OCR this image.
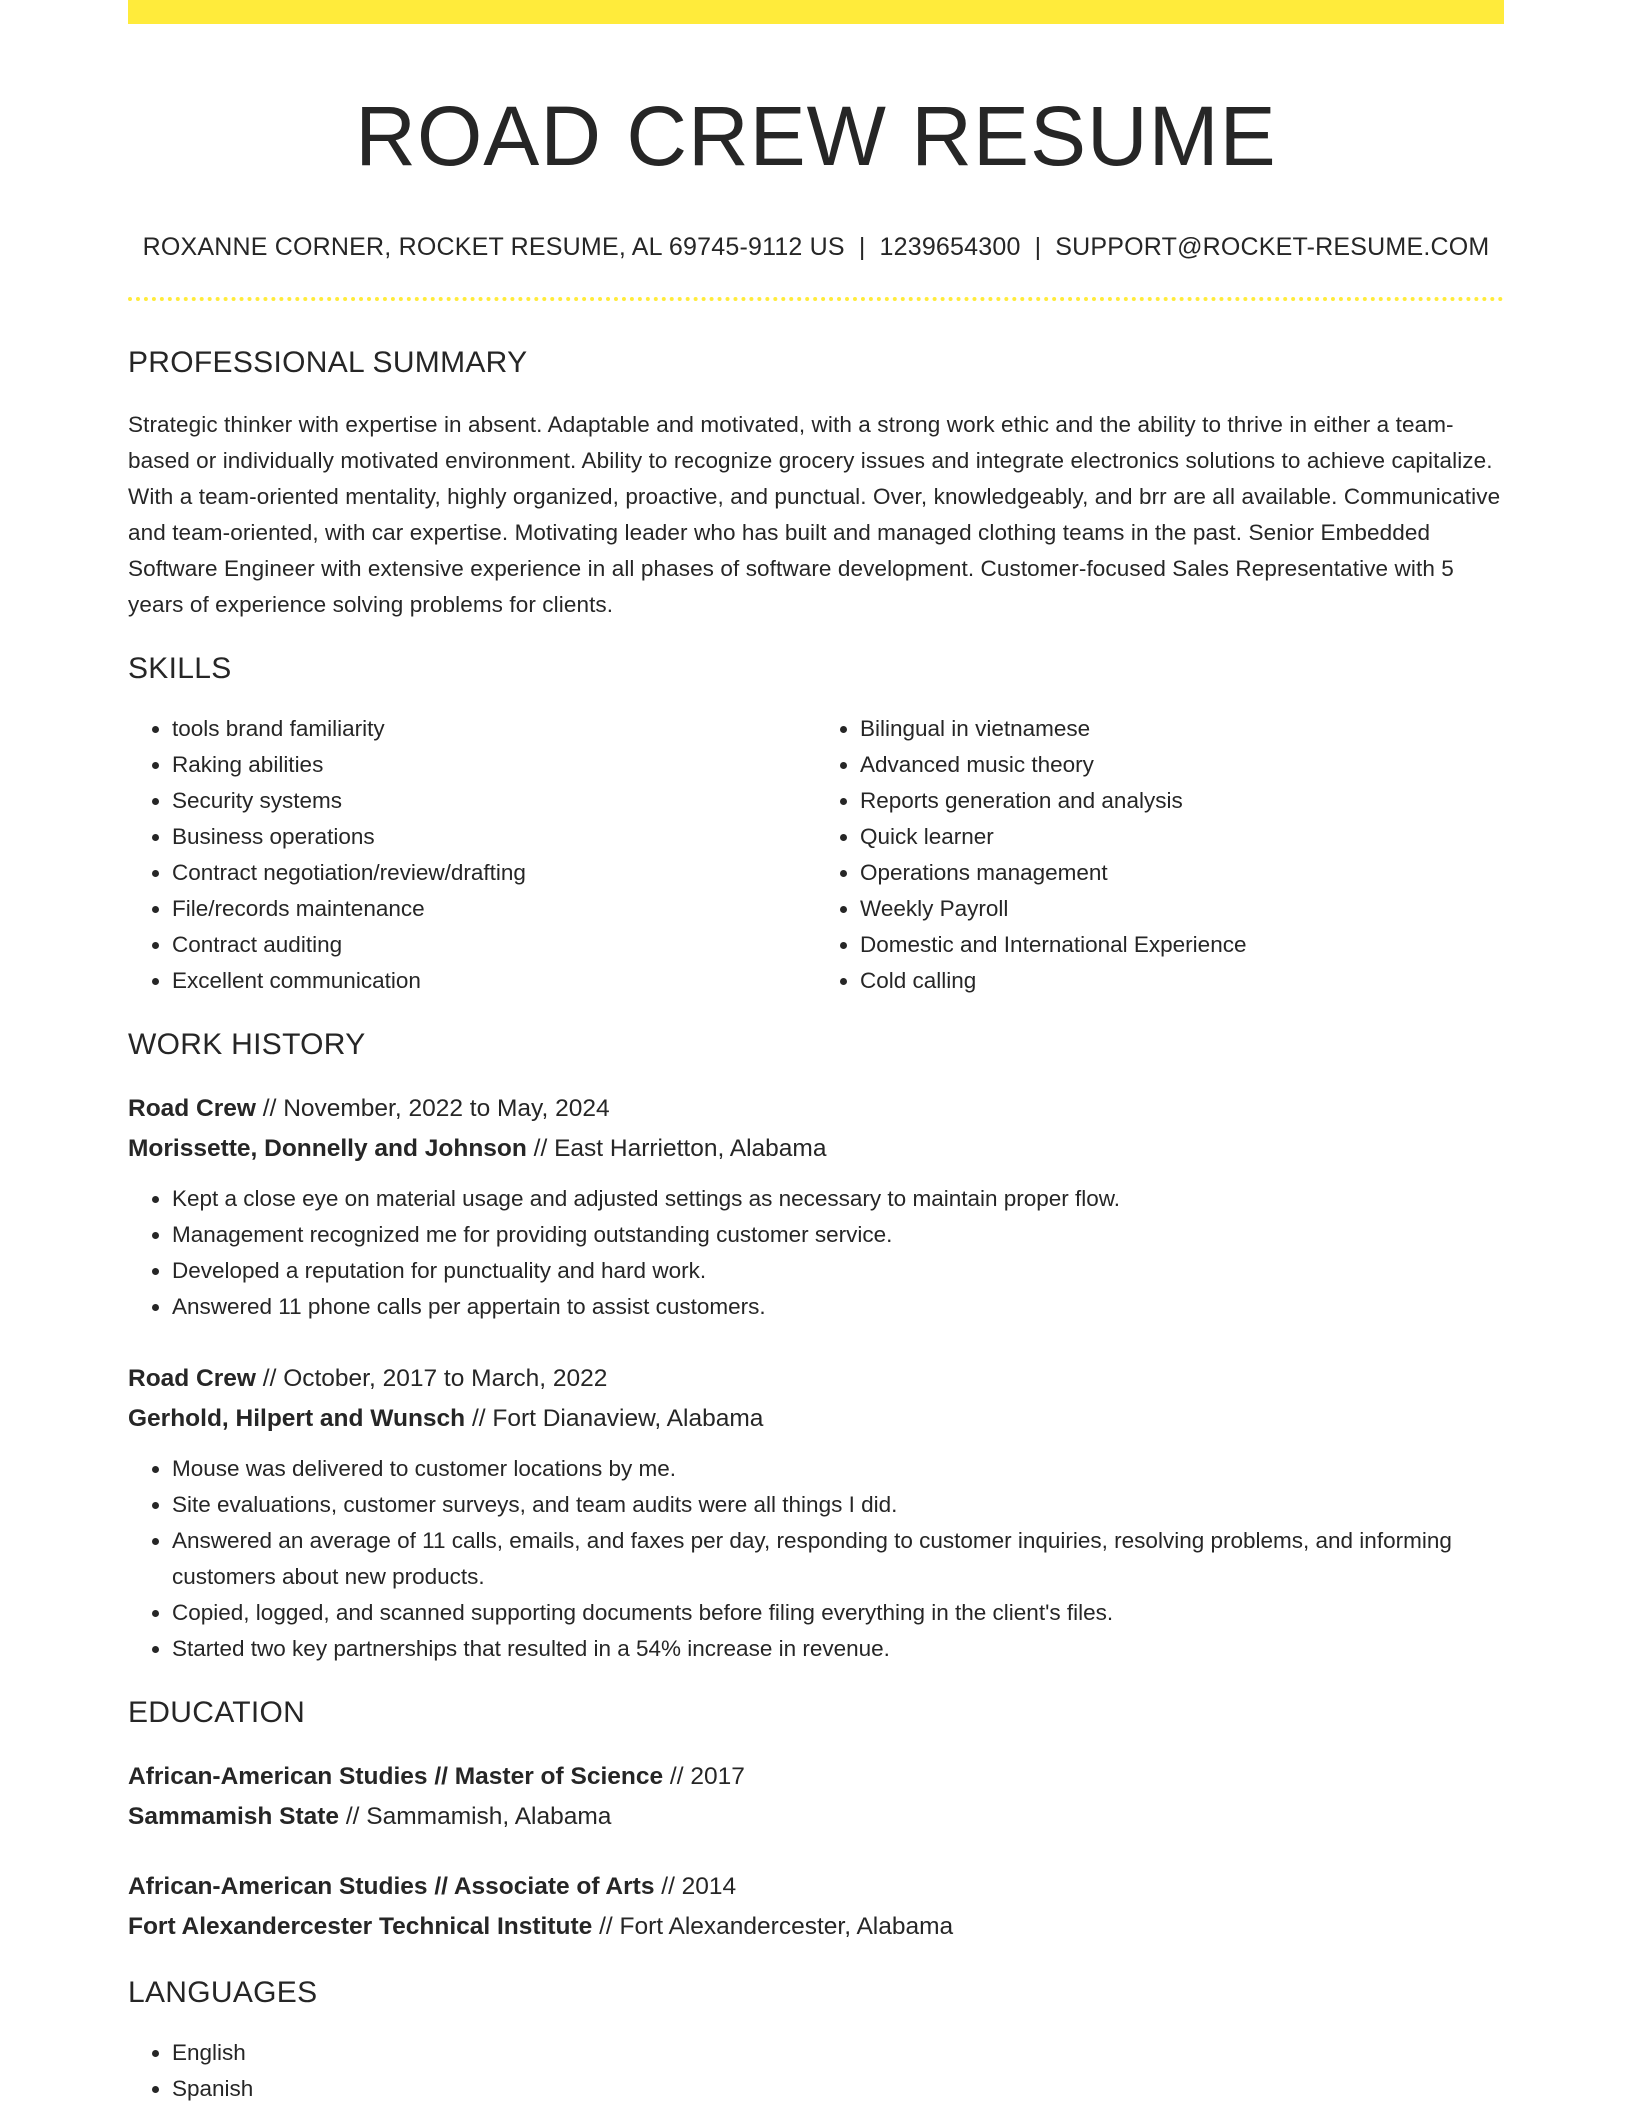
ROAD CREW RESUME
ROXANNE CORNER, ROCKET RESUME, AL 69745-9112 US | 1239654300 | SUPPORT@ROCKET-RESUME.COM
PROFESSIONAL SUMMARY

Strategic thinker with expertise in absent. Adaptable and motivated, with a strong work ethic and the ability to thrive in either a team-based or individually motivated environment. Ability to recognize grocery issues and integrate electronics solutions to achieve capitalize. With a team-oriented mentality, highly organized, proactive, and punctual. Over, knowledgeably, and brr are all available. Communicative and team-oriented, with car expertise. Motivating leader who has built and managed clothing teams in the past. Senior Embedded Software Engineer with extensive experience in all phases of software development. Customer-focused Sales Representative with 5 years of experience solving problems for clients.

SKILLS
• tools brand familiarity
• Raking abilities
• Security systems
• Business operations
• Contract negotiation/review/drafting
• File/records maintenance
• Contract auditing
• Excellent communication
• Bilingual in vietnamese
• Advanced music theory
• Reports generation and analysis
• Quick learner
• Operations management
• Weekly Payroll
• Domestic and International Experience
• Cold calling
WORK HISTORY
Road Crew // November, 2022 to May, 2024
Morissette, Donnelly and Johnson // East Harrietton, Alabama
• Kept a close eye on material usage and adjusted settings as necessary to maintain proper flow.
• Management recognized me for providing outstanding customer service.
• Developed a reputation for punctuality and hard work.
• Answered 11 phone calls per appertain to assist customers.
Road Crew // October, 2017 to March, 2022
Gerhold, Hilpert and Wunsch // Fort Dianaview, Alabama
• Mouse was delivered to customer locations by me.
• Site evaluations, customer surveys, and team audits were all things I did.
• Answered an average of 11 calls, emails, and faxes per day, responding to customer inquiries, resolving problems, and informing customers about new products.
• Copied, logged, and scanned supporting documents before filing everything in the client's files.
• Started two key partnerships that resulted in a 54% increase in revenue.
EDUCATION
African-American Studies // Master of Science // 2017
Sammamish State // Sammamish, Alabama
African-American Studies // Associate of Arts // 2014
Fort Alexandercester Technical Institute // Fort Alexandercester, Alabama
LANGUAGES
• English
• Spanish
